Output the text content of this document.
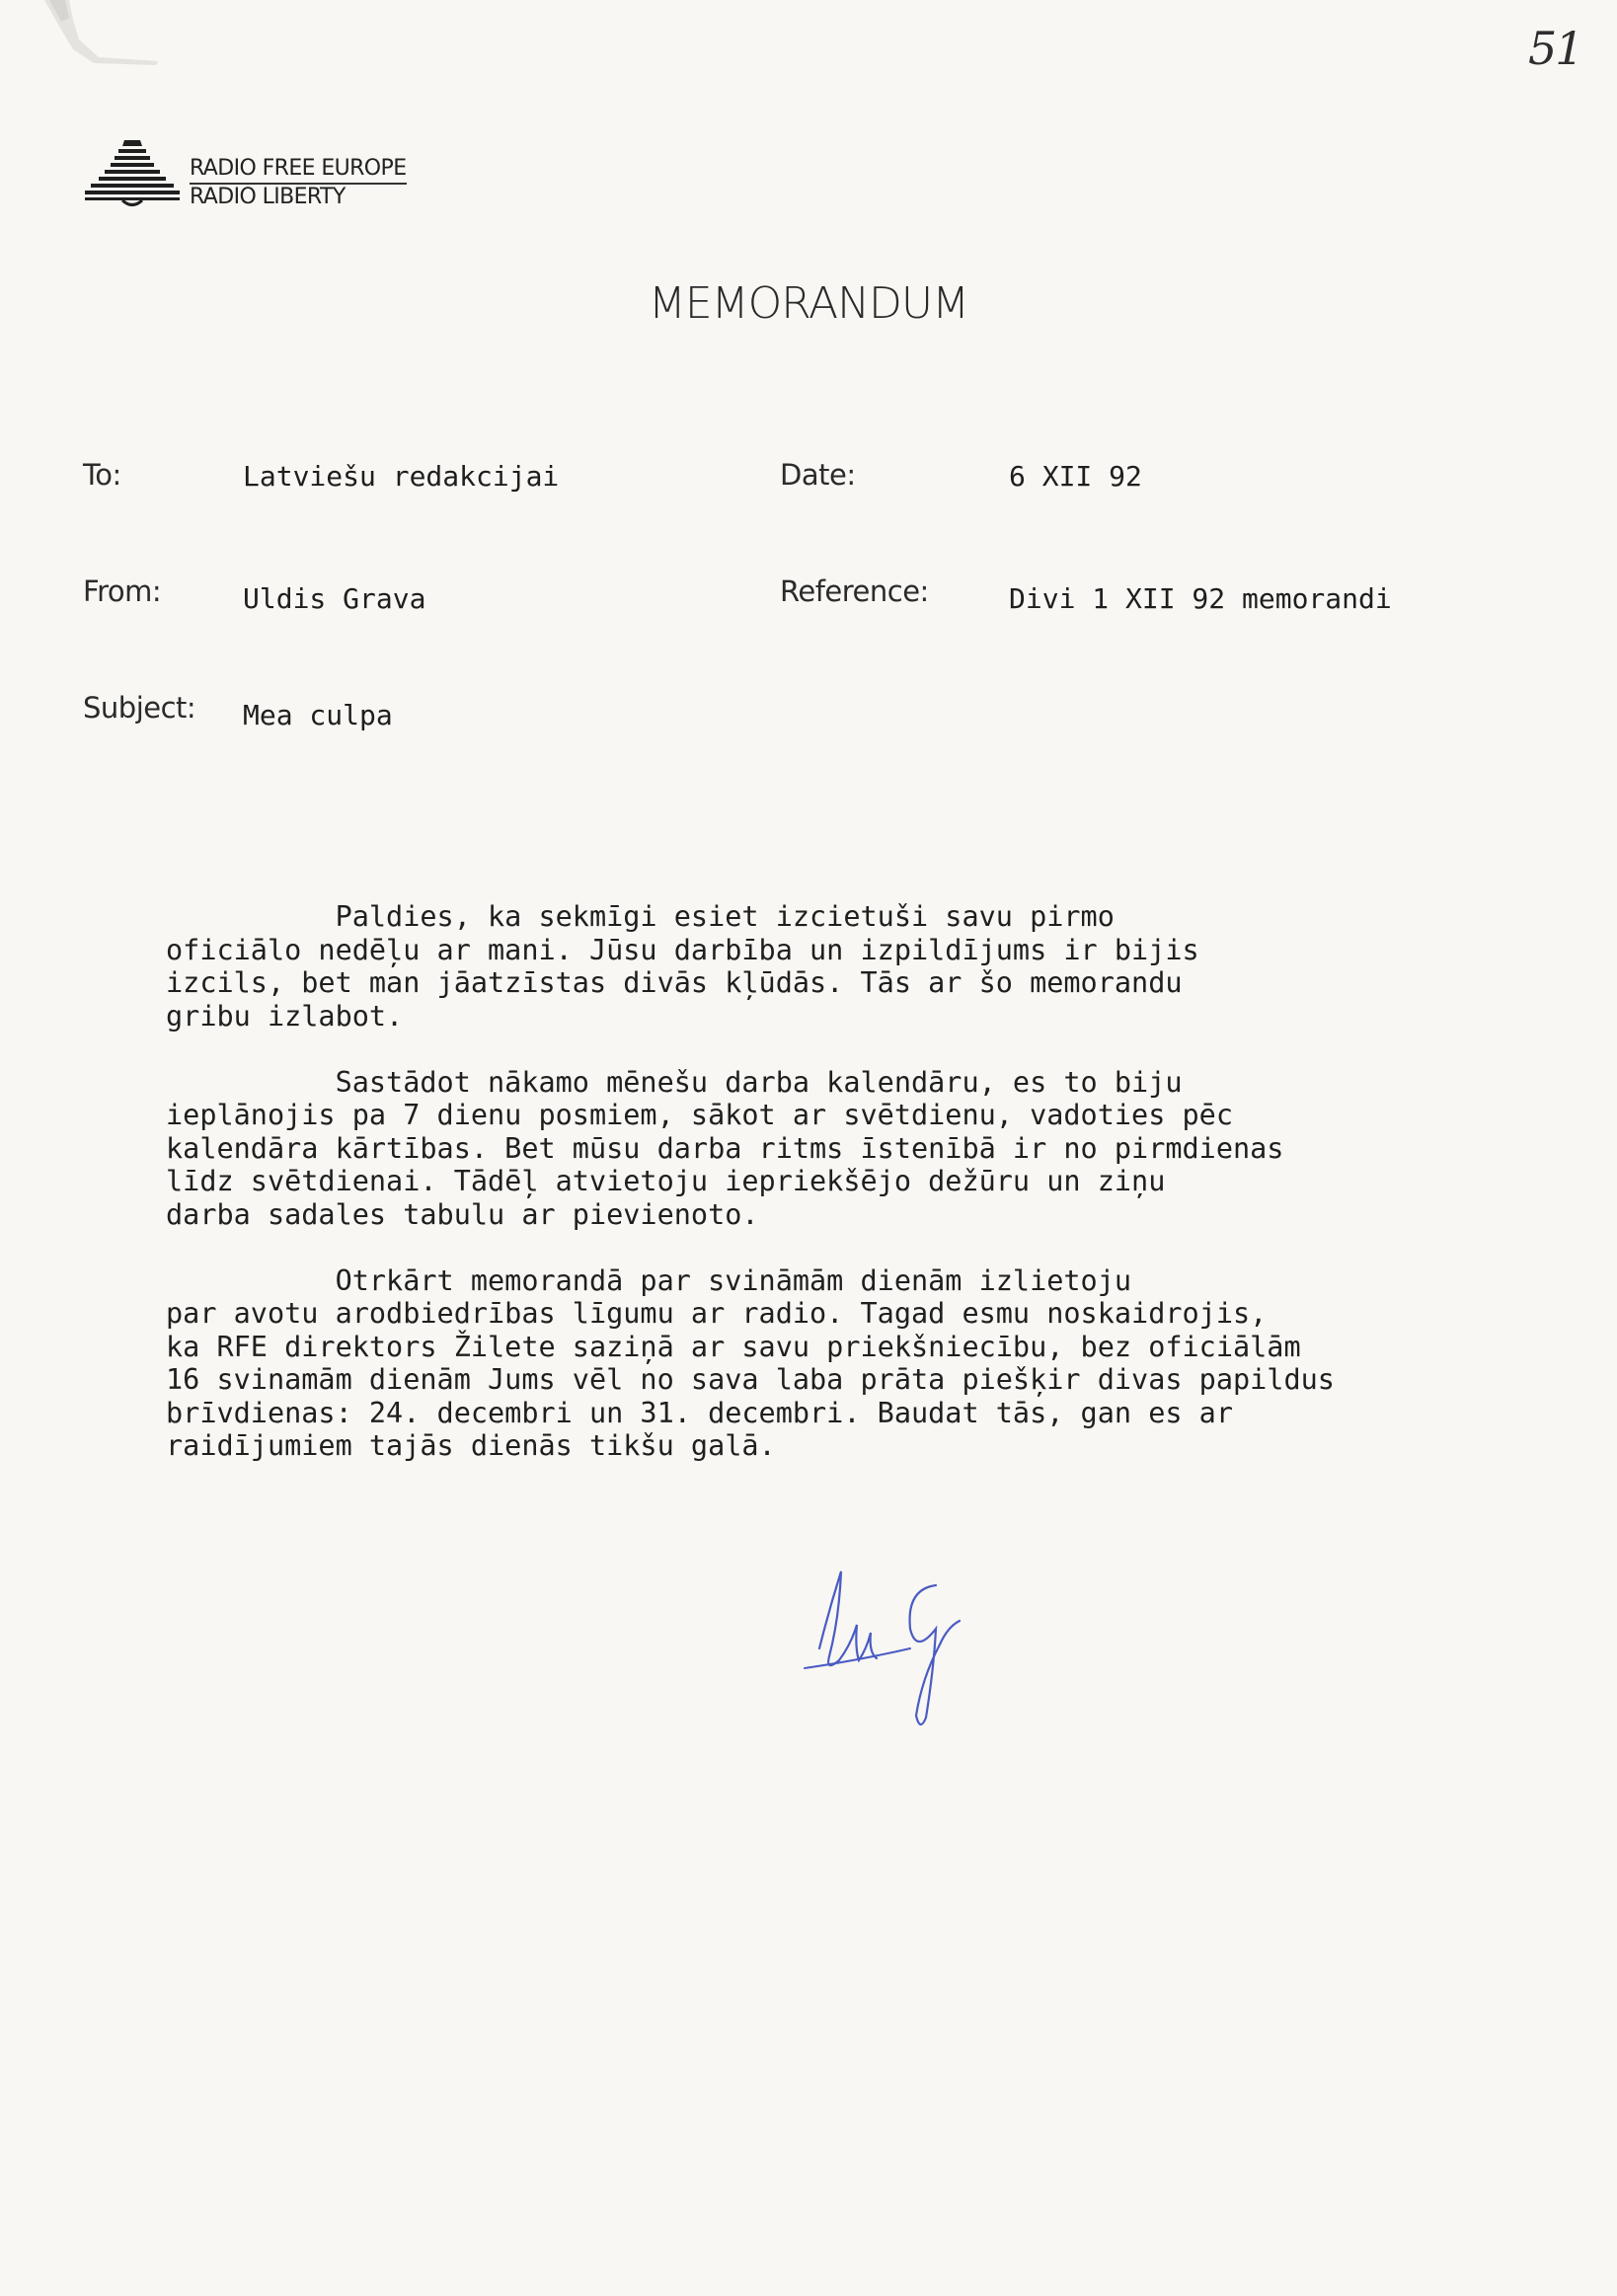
51
RADIO FREE EUROPE
RADIO LIBERTY
MEMORANDUM
To:	Latviešu redakcijai	Date:	6 XII 92
From:	Uldis Grava	Reference:	Divi 1 XII 92 memorandi
Subject: Mea culpa

Paldies, ka sekmīgi esiet izcietuši savu pirmo
oficiālo nedēļu ar mani. Jūsu darbība un izpildījums ir bijis
izcils, bet man jāatzīstas divās kļūdās. Tās ar šo memorandu
gribu izlabot.

Sastādot nākamo mēnešu darba kalendāru, es to biju
ieplānojis pa 7 dienu posmiem, sākot ar svētdienu, vadoties pēc
kalendāra kārtības. Bet mūsu darba ritms īstenībā ir no pirmdienas
līdz svētdienai. Tādēļ atvietoju iepriekšējo dežūru un ziņu
darba sadales tabulu ar pievienoto.

Otrkārt memorandā par svināmām dienām izlietoju
par avotu arodbiedrības līgumu ar radio. Tagad esmu noskaidrojis,
ka RFE direktors Žilete saziņā ar savu priekšniecību, bez oficiālām
16 svinamām dienām Jums vēl no sava laba prāta piešķir divas papildus
brīvdienas: 24. decembri un 31. decembri. Baudat tās, gan es ar
raidījumiem tajās dienās tikšu galā.
